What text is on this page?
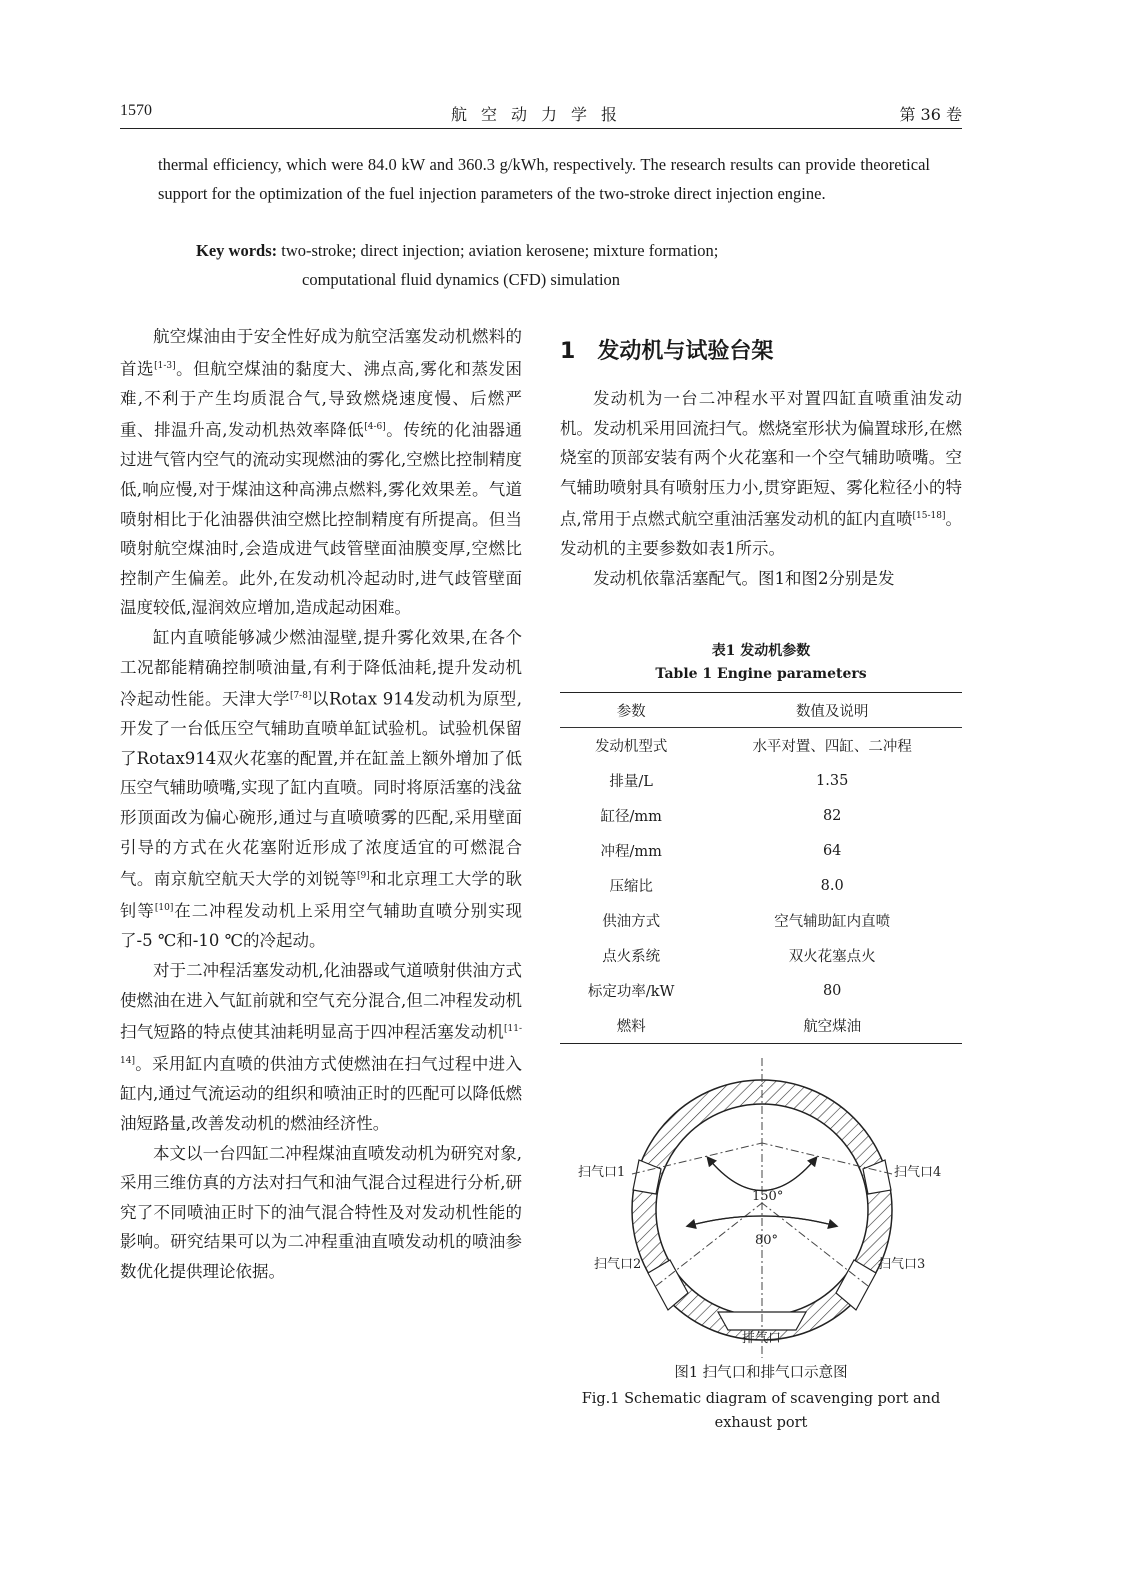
1570	航空动力学报	第 36 卷
thermal efficiency, which were 84.0 kW and 360.3 g/kWh, respectively. The research results can provide theoretical support for the optimization of the fuel injection parameters of the two-stroke direct injection engine.
Key words: two-stroke; direct injection; aviation kerosene; mixture formation;
computational fluid dynamics (CFD) simulation

航空煤油由于安全性好成为航空活塞发动机燃料的首选[1-3]。但航空煤油的黏度大、沸点高,雾化和蒸发困难,不利于产生均质混合气,导致燃烧速度慢、后燃严重、排温升高,发动机热效率降低[4-6]。传统的化油器通过进气管内空气的流动实现燃油的雾化,空燃比控制精度低,响应慢,对于煤油这种高沸点燃料,雾化效果差。气道喷射相比于化油器供油空燃比控制精度有所提高。但当喷射航空煤油时,会造成进气歧管壁面油膜变厚,空燃比控制产生偏差。此外,在发动机冷起动时,进气歧管壁面温度较低,湿润效应增加,造成起动困难。

缸内直喷能够减少燃油湿壁,提升雾化效果,在各个工况都能精确控制喷油量,有利于降低油耗,提升发动机冷起动性能。天津大学[7-8]以Rotax 914发动机为原型,开发了一台低压空气辅助直喷单缸试验机。试验机保留了Rotax914双火花塞的配置,并在缸盖上额外增加了低压空气辅助喷嘴,实现了缸内直喷。同时将原活塞的浅盆形顶面改为偏心碗形,通过与直喷喷雾的匹配,采用壁面引导的方式在火花塞附近形成了浓度适宜的可燃混合气。南京航空航天大学的刘锐等[9]和北京理工大学的耿钊等[10]在二冲程发动机上采用空气辅助直喷分别实现了-5 ℃和-10 ℃的冷起动。

对于二冲程活塞发动机,化油器或气道喷射供油方式使燃油在进入气缸前就和空气充分混合,但二冲程发动机扫气短路的特点使其油耗明显高于四冲程活塞发动机[11-14]。采用缸内直喷的供油方式使燃油在扫气过程中进入缸内,通过气流运动的组织和喷油正时的匹配可以降低燃油短路量,改善发动机的燃油经济性。

本文以一台四缸二冲程煤油直喷发动机为研究对象,采用三维仿真的方法对扫气和油气混合过程进行分析,研究了不同喷油正时下的油气混合特性及对发动机性能的影响。研究结果可以为二冲程重油直喷发动机的喷油参数优化提供理论依据。

1 发动机与试验台架

发动机为一台二冲程水平对置四缸直喷重油发动机。发动机采用回流扫气。燃烧室形状为偏置球形,在燃烧室的顶部安装有两个火花塞和一个空气辅助喷嘴。空气辅助喷射具有喷射压力小,贯穿距短、雾化粒径小的特点,常用于点燃式航空重油活塞发动机的缸内直喷[15-18]。发动机的主要参数如表1所示。

发动机依靠活塞配气。图1和图2分别是发

表1 发动机参数
Table 1 Engine parameters
参数	数值及说明
发动机型式	水平对置、四缸、二冲程
排量/L	1.35
缸径/mm	82
冲程/mm	64
压缩比	8.0
供油方式	空气辅助缸内直喷
点火系统	双火花塞点火
标定功率/kW	80
燃料	航空煤油
扫气口1	扫气口4
扫气口2	扫气口3
排气口
150°
80°
图1 扫气口和排气口示意图
Fig.1 Schematic diagram of scavenging port and
exhaust port
